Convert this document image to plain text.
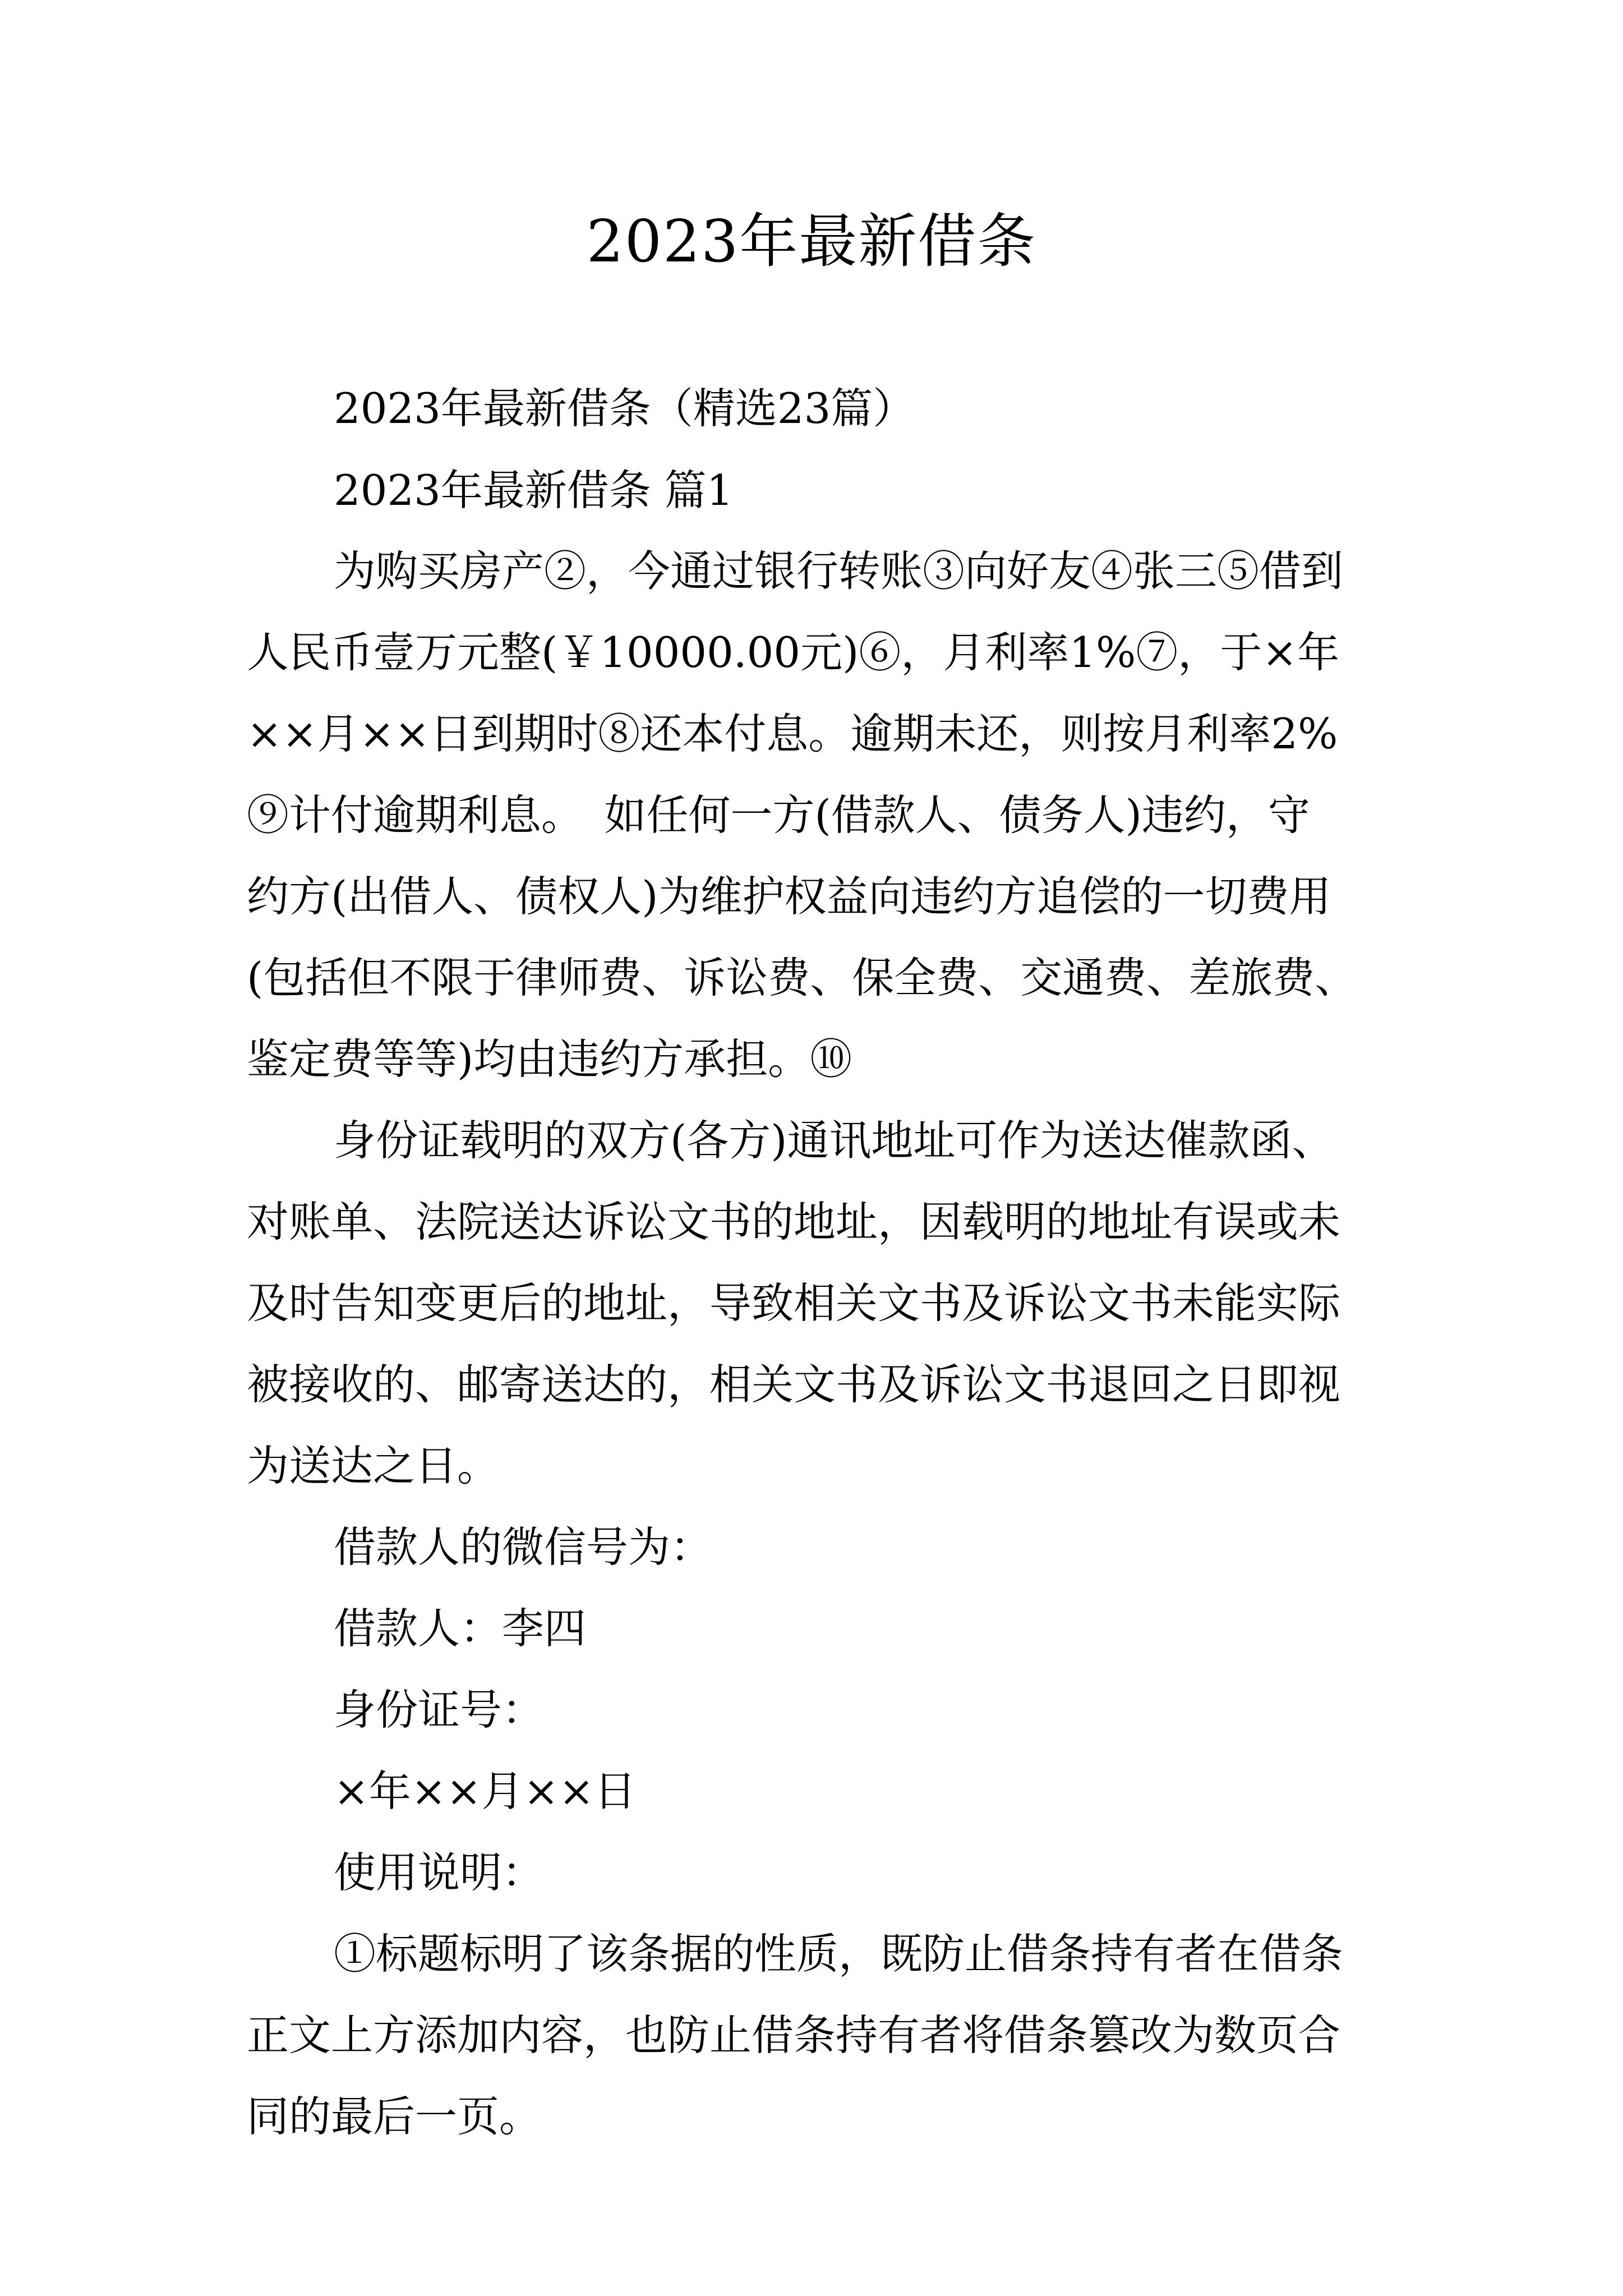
2023年最新借条
2023年最新借条（精选23篇）
2023年最新借条 篇1
为购买房产②，今通过银行转账③向好友④张三⑤借到
人民币壹万元整(￥10000.00元)⑥，月利率1%⑦，于×年
××月××日到期时⑧还本付息。逾期未还，则按月利率2%
⑨计付逾期利息。　如任何一方(借款人、债务人)违约，守
约方(出借人、债权人)为维护权益向违约方追偿的一切费用
(包括但不限于律师费、诉讼费、保全费、交通费、差旅费、
鉴定费等等)均由违约方承担。⑩
身份证载明的双方(各方)通讯地址可作为送达催款函、
对账单、法院送达诉讼文书的地址，因载明的地址有误或未
及时告知变更后的地址，导致相关文书及诉讼文书未能实际
被接收的、邮寄送达的，相关文书及诉讼文书退回之日即视
为送达之日。
借款人的微信号为：
借款人：李四
身份证号：
×年××月××日
使用说明：
①标题标明了该条据的性质，既防止借条持有者在借条
正文上方添加内容，也防止借条持有者将借条篡改为数页合
同的最后一页。
